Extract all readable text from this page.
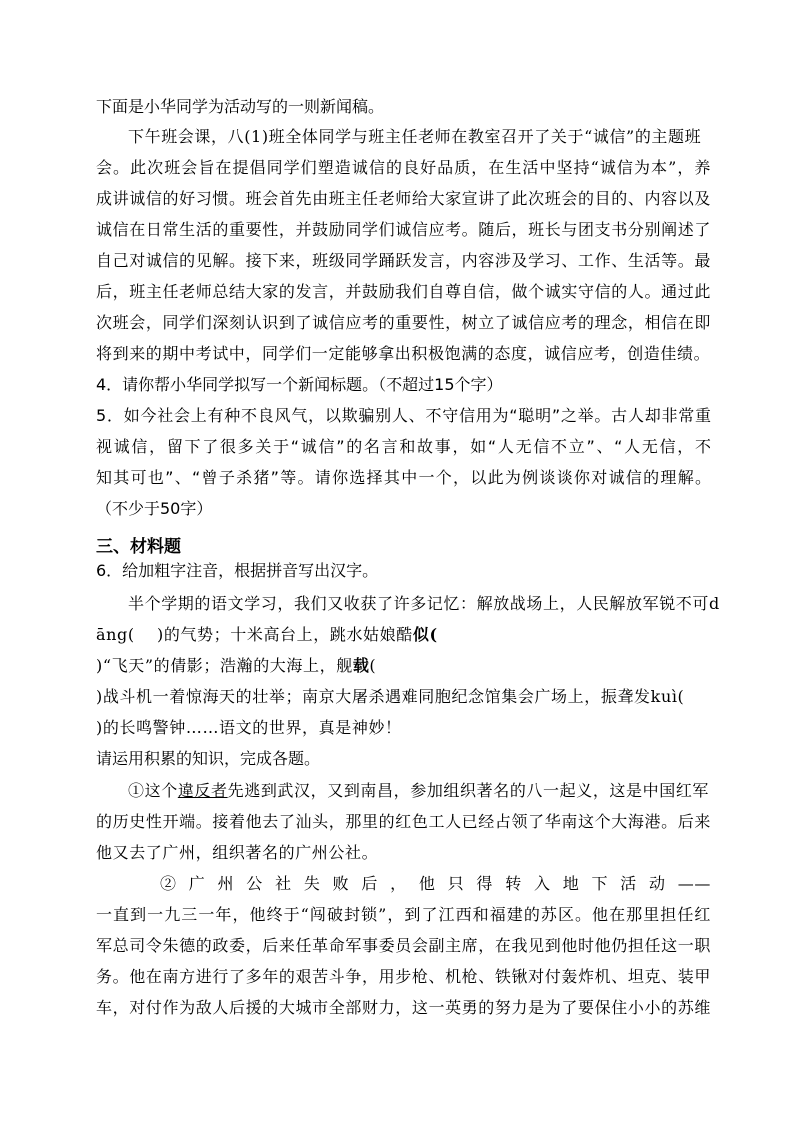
下面是小华同学为活动写的一则新闻稿。
下午班会课，八(1)班全体同学与班主任老师在教室召开了关于“诚信”的主题班
会。此次班会旨在提倡同学们塑造诚信的良好品质，在生活中坚持“诚信为本”，养
成讲诚信的好习惯。班会首先由班主任老师给大家宣讲了此次班会的目的、内容以及
诚信在日常生活的重要性，并鼓励同学们诚信应考。随后，班长与团支书分别阐述了
自己对诚信的见解。接下来，班级同学踊跃发言，内容涉及学习、工作、生活等。最
后，班主任老师总结大家的发言，并鼓励我们自尊自信，做个诚实守信的人。通过此
次班会，同学们深刻认识到了诚信应考的重要性，树立了诚信应考的理念，相信在即
将到来的期中考试中，同学们一定能够拿出积极饱满的态度，诚信应考，创造佳绩。
4．请你帮小华同学拟写一个新闻标题。（不超过15个字）
5．如今社会上有种不良风气，以欺骗别人、不守信用为“聪明”之举。古人却非常重
视诚信，留下了很多关于“诚信”的名言和故事，如“人无信不立”、“人无信，不
知其可也”、“曾子杀猪”等。请你选择其中一个，以此为例谈谈你对诚信的理解。
（不少于50字）
三、材料题
6．给加粗字注音，根据拼音写出汉字。
半个学期的语文学习，我们又收获了许多记忆：解放战场上，人民解放军锐不可d
āng(　 )的气势；十米高台上，跳水姑娘酷似(
)“飞天”的倩影；浩瀚的大海上，舰载(
)战斗机一着惊海天的壮举；南京大屠杀遇难同胞纪念馆集会广场上，振聋发kuì(
)的长鸣警钟……语文的世界，真是神妙！
请运用积累的知识，完成各题。
①这个違反者先逃到武汉，又到南昌，参加组织著名的八一起义，这是中国红军
的历史性开端。接着他去了汕头，那里的红色工人已经占领了华南这个大海港。后来
他又去了广州，组织著名的广州公社。
②广州公社失败后，他只得转入地下活动——
一直到一九三一年，他终于“闯破封锁”，到了江西和福建的苏区。他在那里担任红
军总司令朱德的政委，后来任革命军事委员会副主席，在我见到他时他仍担任这一职
务。他在南方进行了多年的艰苦斗争，用步枪、机枪、铁锹对付轰炸机、坦克、装甲
车，对付作为敌人后援的大城市全部财力，这一英勇的努力是为了要保住小小的苏维
